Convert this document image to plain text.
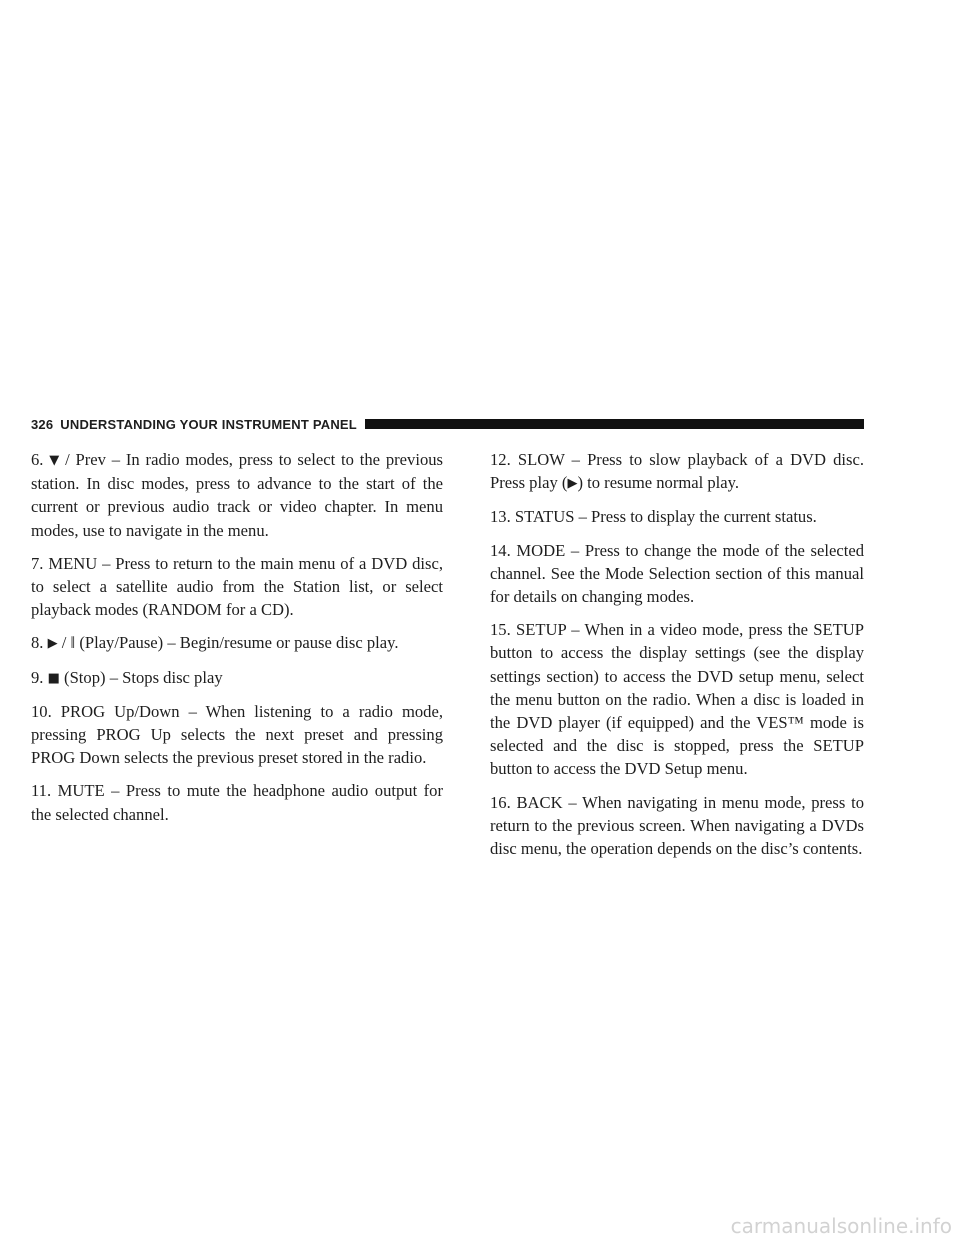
326 UNDERSTANDING YOUR INSTRUMENT PANEL

6. ▼ / Prev – In radio modes, press to select to the previous station. In disc modes, press to advance to the start of the current or previous audio track or video chapter. In menu modes, use to navigate in the menu.

7. MENU – Press to return to the main menu of a DVD disc, to select a satellite audio from the Station list, or select playback modes (RANDOM for a CD).

8. ▶ / ‖ (Play/Pause) – Begin/resume or pause disc play.

9. ■ (Stop) – Stops disc play

10. PROG Up/Down – When listening to a radio mode, pressing PROG Up selects the next preset and pressing PROG Down selects the previous preset stored in the radio.

11. MUTE – Press to mute the headphone audio output for the selected channel.

12. SLOW – Press to slow playback of a DVD disc. Press play (▶) to resume normal play.

13. STATUS – Press to display the current status.

14. MODE – Press to change the mode of the selected channel. See the Mode Selection section of this manual for details on changing modes.

15. SETUP – When in a video mode, press the SETUP button to access the display settings (see the display settings section) to access the DVD setup menu, select the menu button on the radio. When a disc is loaded in the DVD player (if equipped) and the VES™ mode is selected and the disc is stopped, press the SETUP button to access the DVD Setup menu.

16. BACK – When navigating in menu mode, press to return to the previous screen. When navigating a DVDs disc menu, the operation depends on the disc’s contents.

carmanualsonline.info
